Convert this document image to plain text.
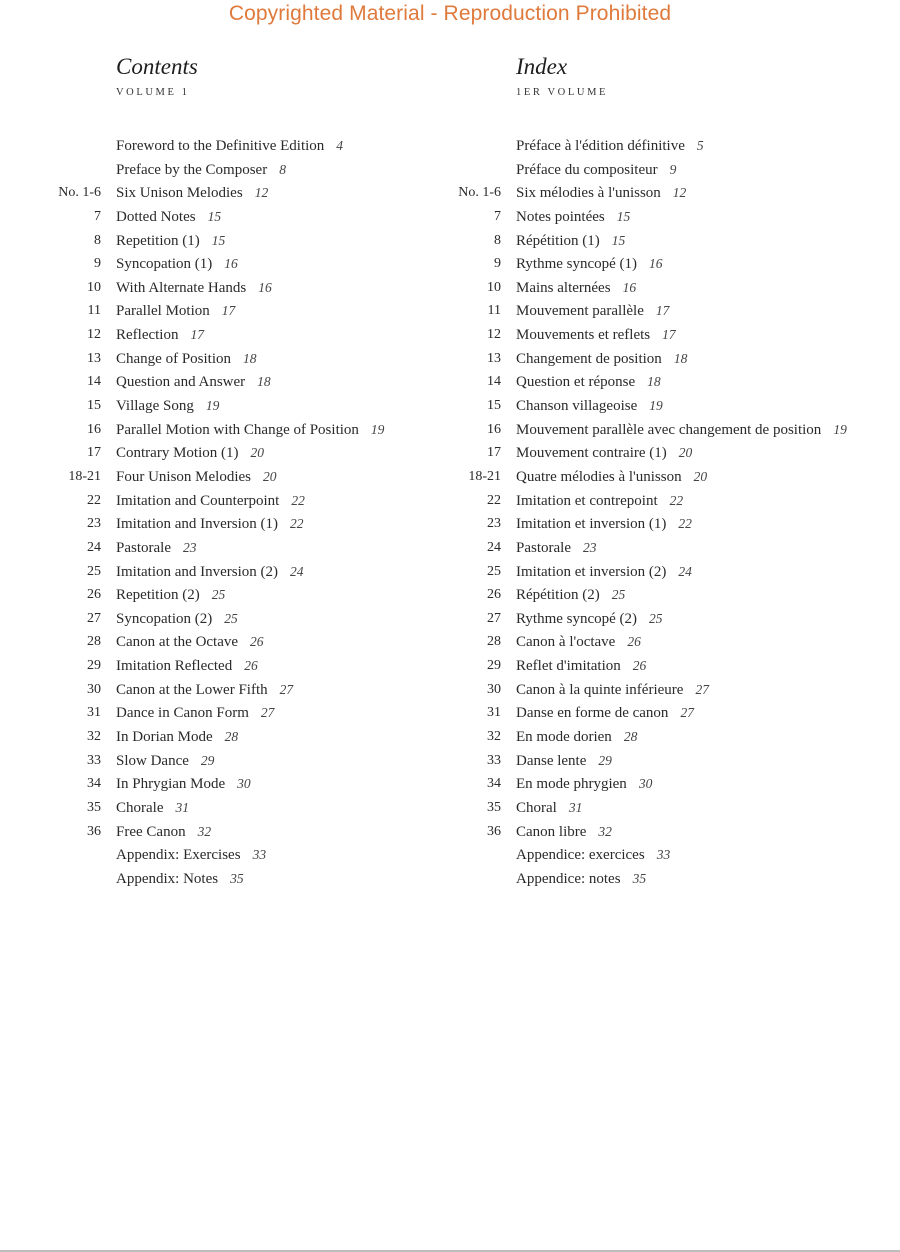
Copyrighted Material - Reproduction Prohibited
Contents
VOLUME 1
Foreword to the Definitive Edition 4
Preface by the Composer 8
No. 1-6 Six Unison Melodies 12
7 Dotted Notes 15
8 Repetition (1) 15
9 Syncopation (1) 16
10 With Alternate Hands 16
11 Parallel Motion 17
12 Reflection 17
13 Change of Position 18
14 Question and Answer 18
15 Village Song 19
16 Parallel Motion with Change of Position 19
17 Contrary Motion (1) 20
18-21 Four Unison Melodies 20
22 Imitation and Counterpoint 22
23 Imitation and Inversion (1) 22
24 Pastorale 23
25 Imitation and Inversion (2) 24
26 Repetition (2) 25
27 Syncopation (2) 25
28 Canon at the Octave 26
29 Imitation Reflected 26
30 Canon at the Lower Fifth 27
31 Dance in Canon Form 27
32 In Dorian Mode 28
33 Slow Dance 29
34 In Phrygian Mode 30
35 Chorale 31
36 Free Canon 32
Appendix: Exercises 33
Appendix: Notes 35
Index
1ER VOLUME
Préface à l'édition définitive 5
Préface du compositeur 9
No. 1-6 Six mélodies à l'unisson 12
7 Notes pointées 15
8 Répétition (1) 15
9 Rythme syncopé (1) 16
10 Mains alternées 16
11 Mouvement parallèle 17
12 Mouvements et reflets 17
13 Changement de position 18
14 Question et réponse 18
15 Chanson villageoise 19
16 Mouvement parallèle avec changement de position 19
17 Mouvement contraire (1) 20
18-21 Quatre mélodies à l'unisson 20
22 Imitation et contrepoint 22
23 Imitation et inversion (1) 22
24 Pastorale 23
25 Imitation et inversion (2) 24
26 Répétition (2) 25
27 Rythme syncopé (2) 25
28 Canon à l'octave 26
29 Reflet d'imitation 26
30 Canon à la quinte inférieure 27
31 Danse en forme de canon 27
32 En mode dorien 28
33 Danse lente 29
34 En mode phrygien 30
35 Choral 31
36 Canon libre 32
Appendice: exercices 33
Appendice: notes 35
